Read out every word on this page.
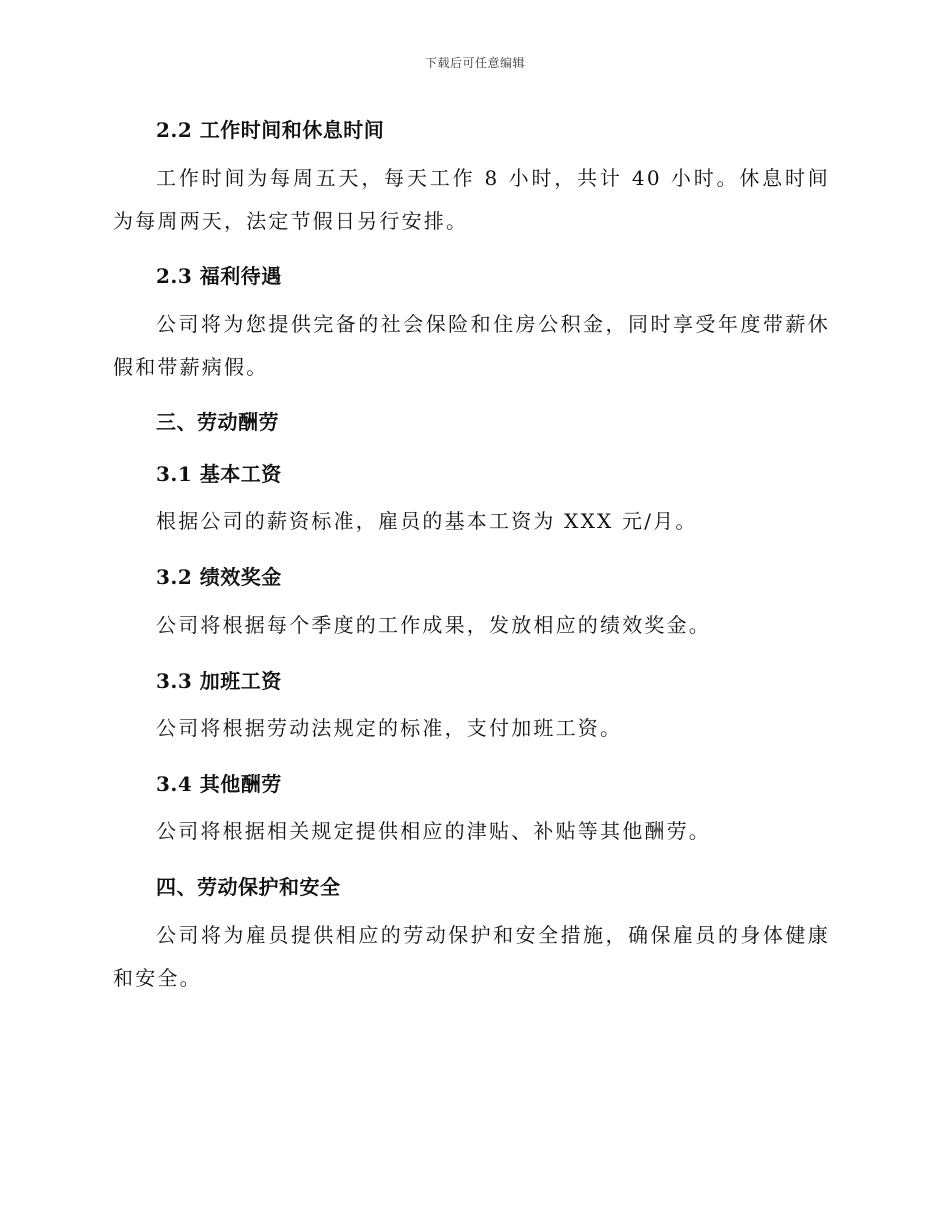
下载后可任意编辑
2.2 工作时间和休息时间
工作时间为每周五天，每天工作 8 小时，共计 40 小时。休息时间为每周两天，法定节假日另行安排。
2.3 福利待遇
公司将为您提供完备的社会保险和住房公积金，同时享受年度带薪休假和带薪病假。
三、劳动酬劳
3.1 基本工资
根据公司的薪资标准，雇员的基本工资为 XXX 元/月。
3.2 绩效奖金
公司将根据每个季度的工作成果，发放相应的绩效奖金。
3.3 加班工资
公司将根据劳动法规定的标准，支付加班工资。
3.4 其他酬劳
公司将根据相关规定提供相应的津贴、补贴等其他酬劳。
四、劳动保护和安全
公司将为雇员提供相应的劳动保护和安全措施，确保雇员的身体健康和安全。
